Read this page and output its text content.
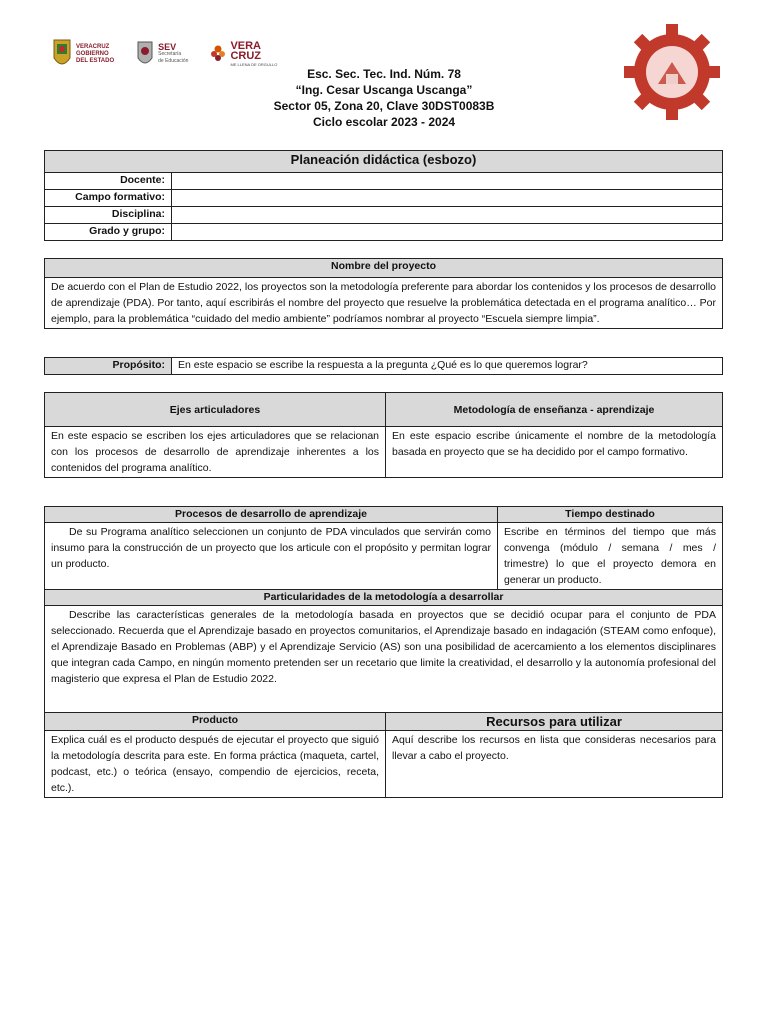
VERACRUZ
GOBIERNO
DEL ESTADO
SEV
Secretaría
de Educación
VERA
CRUZ
ME LLENA DE ORGULLO
Esc. Sec. Tec. Ind. Núm. 78
“Ing. Cesar Uscanga Uscanga”
Sector 05, Zona 20, Clave 30DST0083B
Ciclo escolar 2023 - 2024
Planeación didáctica (esbozo)	
Docente:	
Campo formativo:	
Disciplina:	
Grado y grupo:	
Nombre del proyecto
De acuerdo con el Plan de Estudio 2022, los proyectos son la metodología preferente para abordar los contenidos y los procesos de desarrollo de aprendizaje (PDA). Por tanto, aquí escribirás el nombre del proyecto que resuelve la problemática detectada en el programa analítico… Por ejemplo, para la problemática “cuidado del medio ambiente” podríamos nombrar al proyecto “Escuela siempre limpia”.
Propósito:	En este espacio se escribe la respuesta a la pregunta ¿Qué es lo que queremos lograr?
Ejes articuladores	Metodología de enseñanza - aprendizaje
En este espacio se escriben los ejes articuladores que se relacionan con los procesos de desarrollo de aprendizaje inherentes a los contenidos del programa analítico.	En este espacio escribe únicamente el nombre de la metodología basada en proyecto que se ha decidido por el campo formativo.
Procesos de desarrollo de aprendizaje		Tiempo destinado
De su Programa analítico seleccionen un conjunto de PDA vinculados que servirán como insumo para la construcción de un proyecto que los articule con el propósito y permitan lograr un producto.		Escribe en términos del tiempo que más convenga (módulo / semana / mes / trimestre) lo que el proyecto demora en generar un producto.
Particularidades de la metodología a desarrollar		
Describe las características generales de la metodología basada en proyectos que se decidió ocupar para el conjunto de PDA seleccionado. Recuerda que el Aprendizaje basado en proyectos comunitarios, el Aprendizaje basado en indagación (STEAM como enfoque), el Aprendizaje Basado en Problemas (ABP) y el Aprendizaje Servicio (AS) son una posibilidad de acercamiento a los elementos disciplinares que integran cada Campo, en ningún momento pretenden ser un recetario que limite la creatividad, el desarrollo y la autonomía profesional del magisterio que expresa el Plan de Estudio 2022.		
Producto	Recursos para utilizar	
Explica cuál es el producto después de ejecutar el proyecto que siguió la metodología descrita para este. En forma práctica (maqueta, cartel, podcast, etc.) o teórica (ensayo, compendio de ejercicios, receta, etc.).	Aquí describe los recursos en lista que consideras necesarios para llevar a cabo el proyecto.	
